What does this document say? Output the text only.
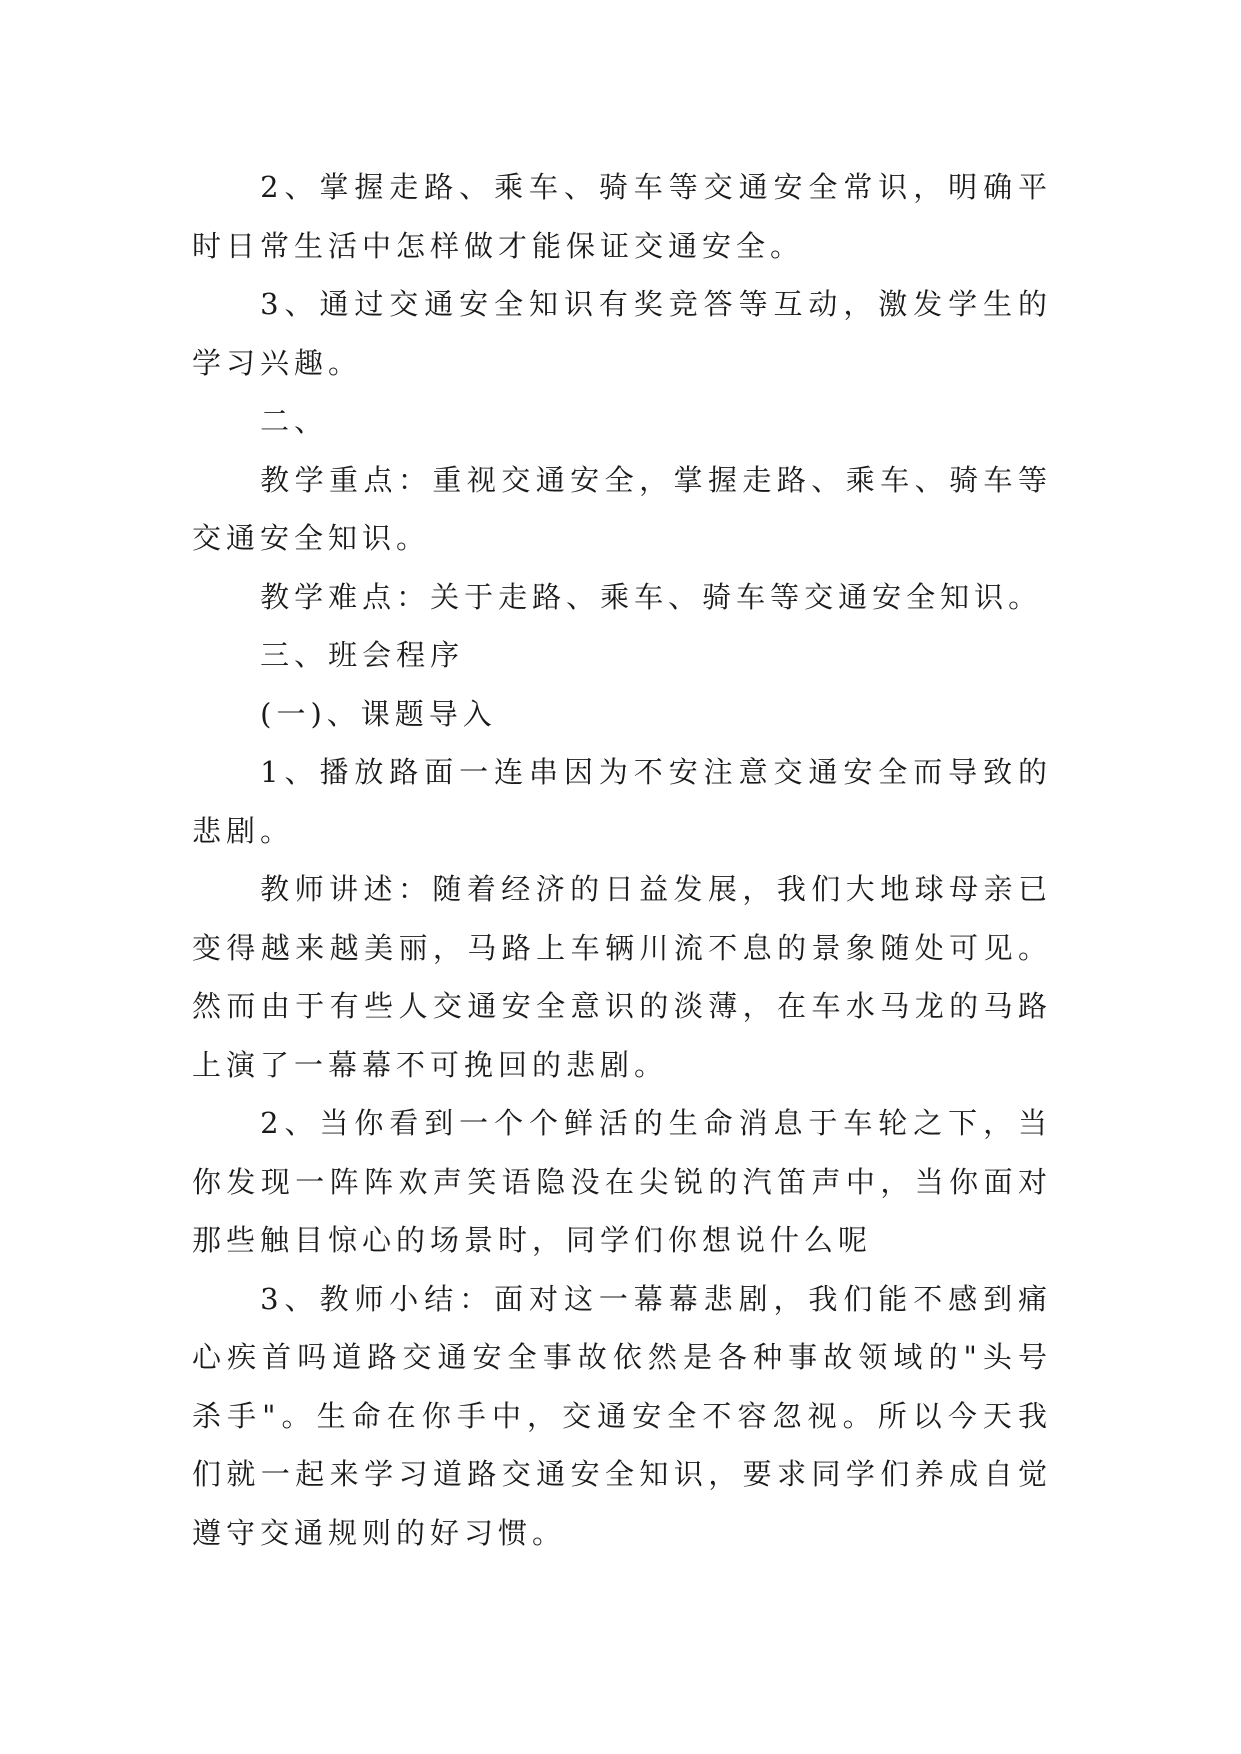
2、掌握走路、乘车、骑车等交通安全常识，明确平时日常生活中怎样做才能保证交通安全。

3、通过交通安全知识有奖竞答等互动，激发学生的学习兴趣。

二、

教学重点：重视交通安全，掌握走路、乘车、骑车等交通安全知识。

教学难点：关于走路、乘车、骑车等交通安全知识。

三、班会程序

(一)、课题导入

1、播放路面一连串因为不安注意交通安全而导致的悲剧。

教师讲述：随着经济的日益发展，我们大地球母亲已变得越来越美丽，马路上车辆川流不息的景象随处可见。然而由于有些人交通安全意识的淡薄，在车水马龙的马路上演了一幕幕不可挽回的悲剧。

2、当你看到一个个鲜活的生命消息于车轮之下，当你发现一阵阵欢声笑语隐没在尖锐的汽笛声中，当你面对那些触目惊心的场景时，同学们你想说什么呢

3、教师小结：面对这一幕幕悲剧，我们能不感到痛心疾首吗道路交通安全事故依然是各种事故领域的"头号杀手"。生命在你手中，交通安全不容忽视。所以今天我们就一起来学习道路交通安全知识，要求同学们养成自觉遵守交通规则的好习惯。
